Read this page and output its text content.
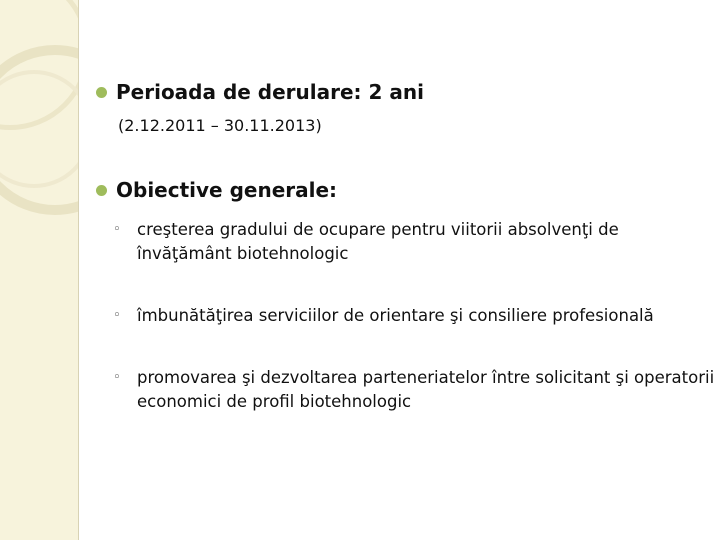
Perioada de derulare: 2 ani
(2.12.2011 – 30.11.2013)
Obiective generale:
◦ creşterea gradului de ocupare pentru viitorii absolvenţi de învăţământ biotehnologic
◦ îmbunătăţirea serviciilor de orientare şi consiliere profesională
◦ promovarea şi dezvoltarea parteneriatelor între solicitant şi operatorii economici de profil biotehnologic
